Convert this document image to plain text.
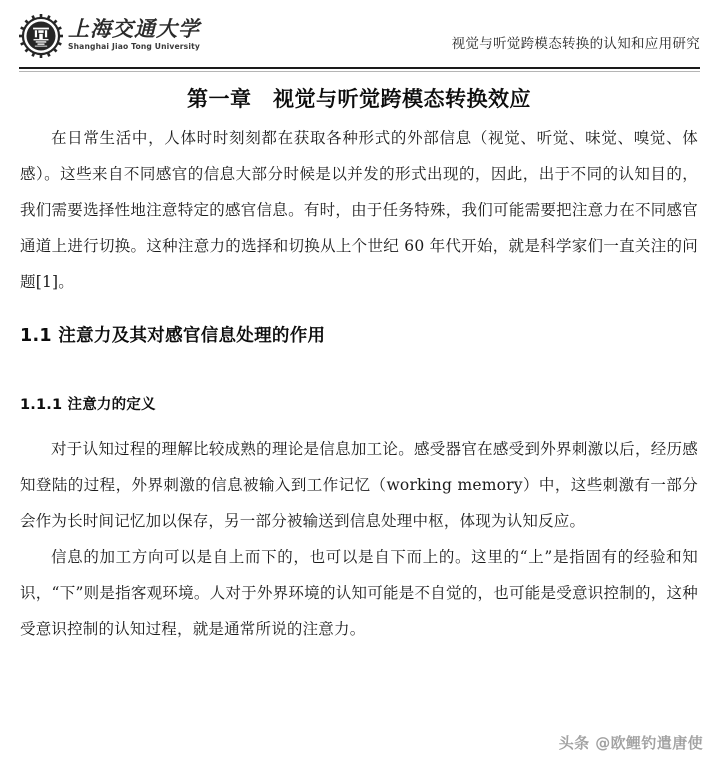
上海交通大学
Shanghai Jiao Tong University	视觉与听觉跨模态转换的认知和应用研究
第一章　视觉与听觉跨模态转换效应

在日常生活中，人体时时刻刻都在获取各种形式的外部信息（视觉、听觉、味觉、嗅觉、体感）。这些来自不同感官的信息大部分时候是以并发的形式出现的，因此，出于不同的认知目的，我们需要选择性地注意特定的感官信息。有时，由于任务特殊，我们可能需要把注意力在不同感官通道上进行切换。这种注意力的选择和切换从上个世纪 60 年代开始，就是科学家们一直关注的问题[1]。

1.1 注意力及其对感官信息处理的作用
1.1.1 注意力的定义

对于认知过程的理解比较成熟的理论是信息加工论。感受器官在感受到外界刺激以后，经历感知登陆的过程，外界刺激的信息被输入到工作记忆（working memory）中，这些刺激有一部分会作为长时间记忆加以保存，另一部分被输送到信息处理中枢，体现为认知反应。

信息的加工方向可以是自上而下的，也可以是自下而上的。这里的“上”是指固有的经验和知识，“下”则是指客观环境。人对于外界环境的认知可能是不自觉的，也可能是受意识控制的，这种受意识控制的认知过程，就是通常所说的注意力。

头条 @欧鲤钓遣唐使
